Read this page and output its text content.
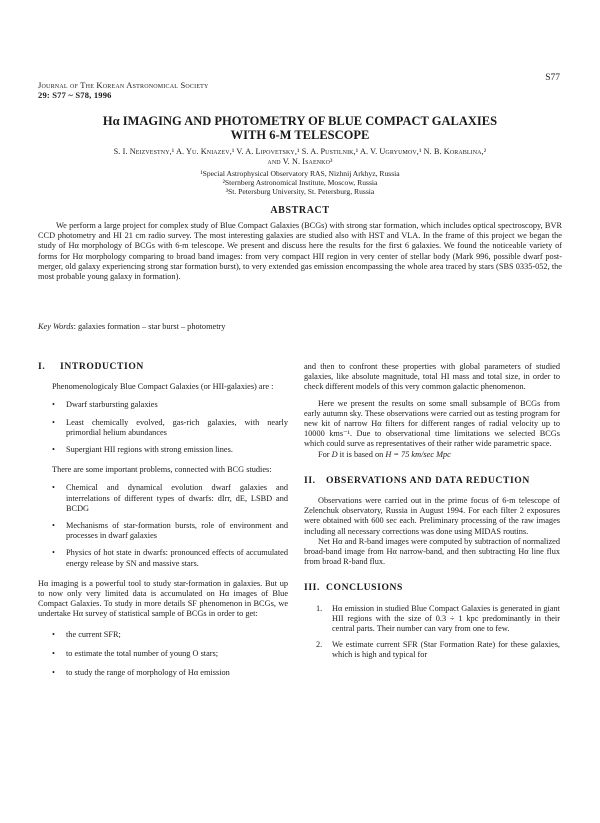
Journal of The Korean Astronomical Society
29: S77 ~ S78, 1996
S77
Hα IMAGING AND PHOTOMETRY OF BLUE COMPACT GALAXIES
WITH 6-M TELESCOPE
S. I. Neizvestny,¹ A. Yu. Kniazev,¹ V. A. Lipovetsky,¹ S. A. Pustilnik,¹ A. V. Ugryumov,¹ N. B. Korablina,²
and V. N. Isaenko³
¹Special Astrophysical Observatory RAS, Nizhnij Arkhyz, Russia
²Sternberg Astronomical Institute, Moscow, Russia
³St. Petersburg University, St. Petersburg, Russia
ABSTRACT
We perform a large project for complex study of Blue Compact Galaxies (BCGs) with strong star formation, which includes optical spectroscopy, BVR CCD photometry and HI 21 cm radio survey. The most interesting galaxies are studied also with HST and VLA. In the frame of this project we began the study of Hα morphology of BCGs with 6-m telescope. We present and discuss here the results for the first 6 galaxies. We found the noticeable variety of forms for Hα morphology comparing to broad band images: from very compact HII region in very center of stellar body (Mark 996, possible dwarf post-merger, old galaxy experiencing strong star formation burst), to very extended gas emission encompassing the whole area traced by stars (SBS 0335-052, the most probable young galaxy in formation).
Key Words: galaxies formation – star burst – photometry
I. INTRODUCTION

Phenomenologicaly Blue Compact Galaxies (or HII-galaxies) are :

• Dwarf starbursting galaxies
• Least chemically evolved, gas-rich galaxies, with nearly primordial helium abundances
• Supergiant HII regions with strong emission lines.

There are some important problems, connected with BCG studies:

• Chemical and dynamical evolution dwarf galaxies and interrelations of different types of dwarfs: dIrr, dE, LSBD and BCDG
• Mechanisms of star-formation bursts, role of environment and processes in dwarf galaxies
• Physics of hot state in dwarfs: pronounced effects of accumulated energy release by SN and massive stars.

Hα imaging is a powerful tool to study star-formation in galaxies. But up to now only very limited data is accumulated on Hα images of Blue Compact Galaxies. To study in more details SF phenomenon in BCGs, we undertake Hα survey of statistical sample of BCGs in order to get:

• the current SFR;
• to estimate the total number of young O stars;
• to study the range of morphology of Hα emission

and then to confront these properties with global parameters of studied galaxies, like absolute magnitude, total HI mass and total size, in order to check different models of this very common galactic phenomenon.

Here we present the results on some small subsample of BCGs from early autumn sky. These observations were carried out as testing program for new kit of narrow Hα filters for different ranges of radial velocity up to 10000 kms⁻¹. Due to observational time limitations we selected BCGs which could surve as representatives of their rather wide parametric space.

For D it is based on H = 75 km/sec Mpc

II.	OBSERVATIONS AND DATA REDUCTION

Observations were carried out in the prime focus of 6-m telescope of Zelenchuk observatory, Russia in August 1994. For each filter 2 exposures were obtained with 600 sec each. Preliminary processing of the raw images including all necessary corrections was done using MIDAS routins.

Net Hα and R-band images were computed by subtraction of normalized broad-band image from Hα narrow-band, and then subtracting Hα line flux from broad R-band flux.

III. CONCLUSIONS
1. Hα emission in studied Blue Compact Galaxies is generated in giant HII regions with the size of 0.3 ÷ 1 kpc predominantly in their central parts. Their number can vary from one to few.
2. We estimate current SFR (Star Formation Rate) for these galaxies, which is high and typical for
